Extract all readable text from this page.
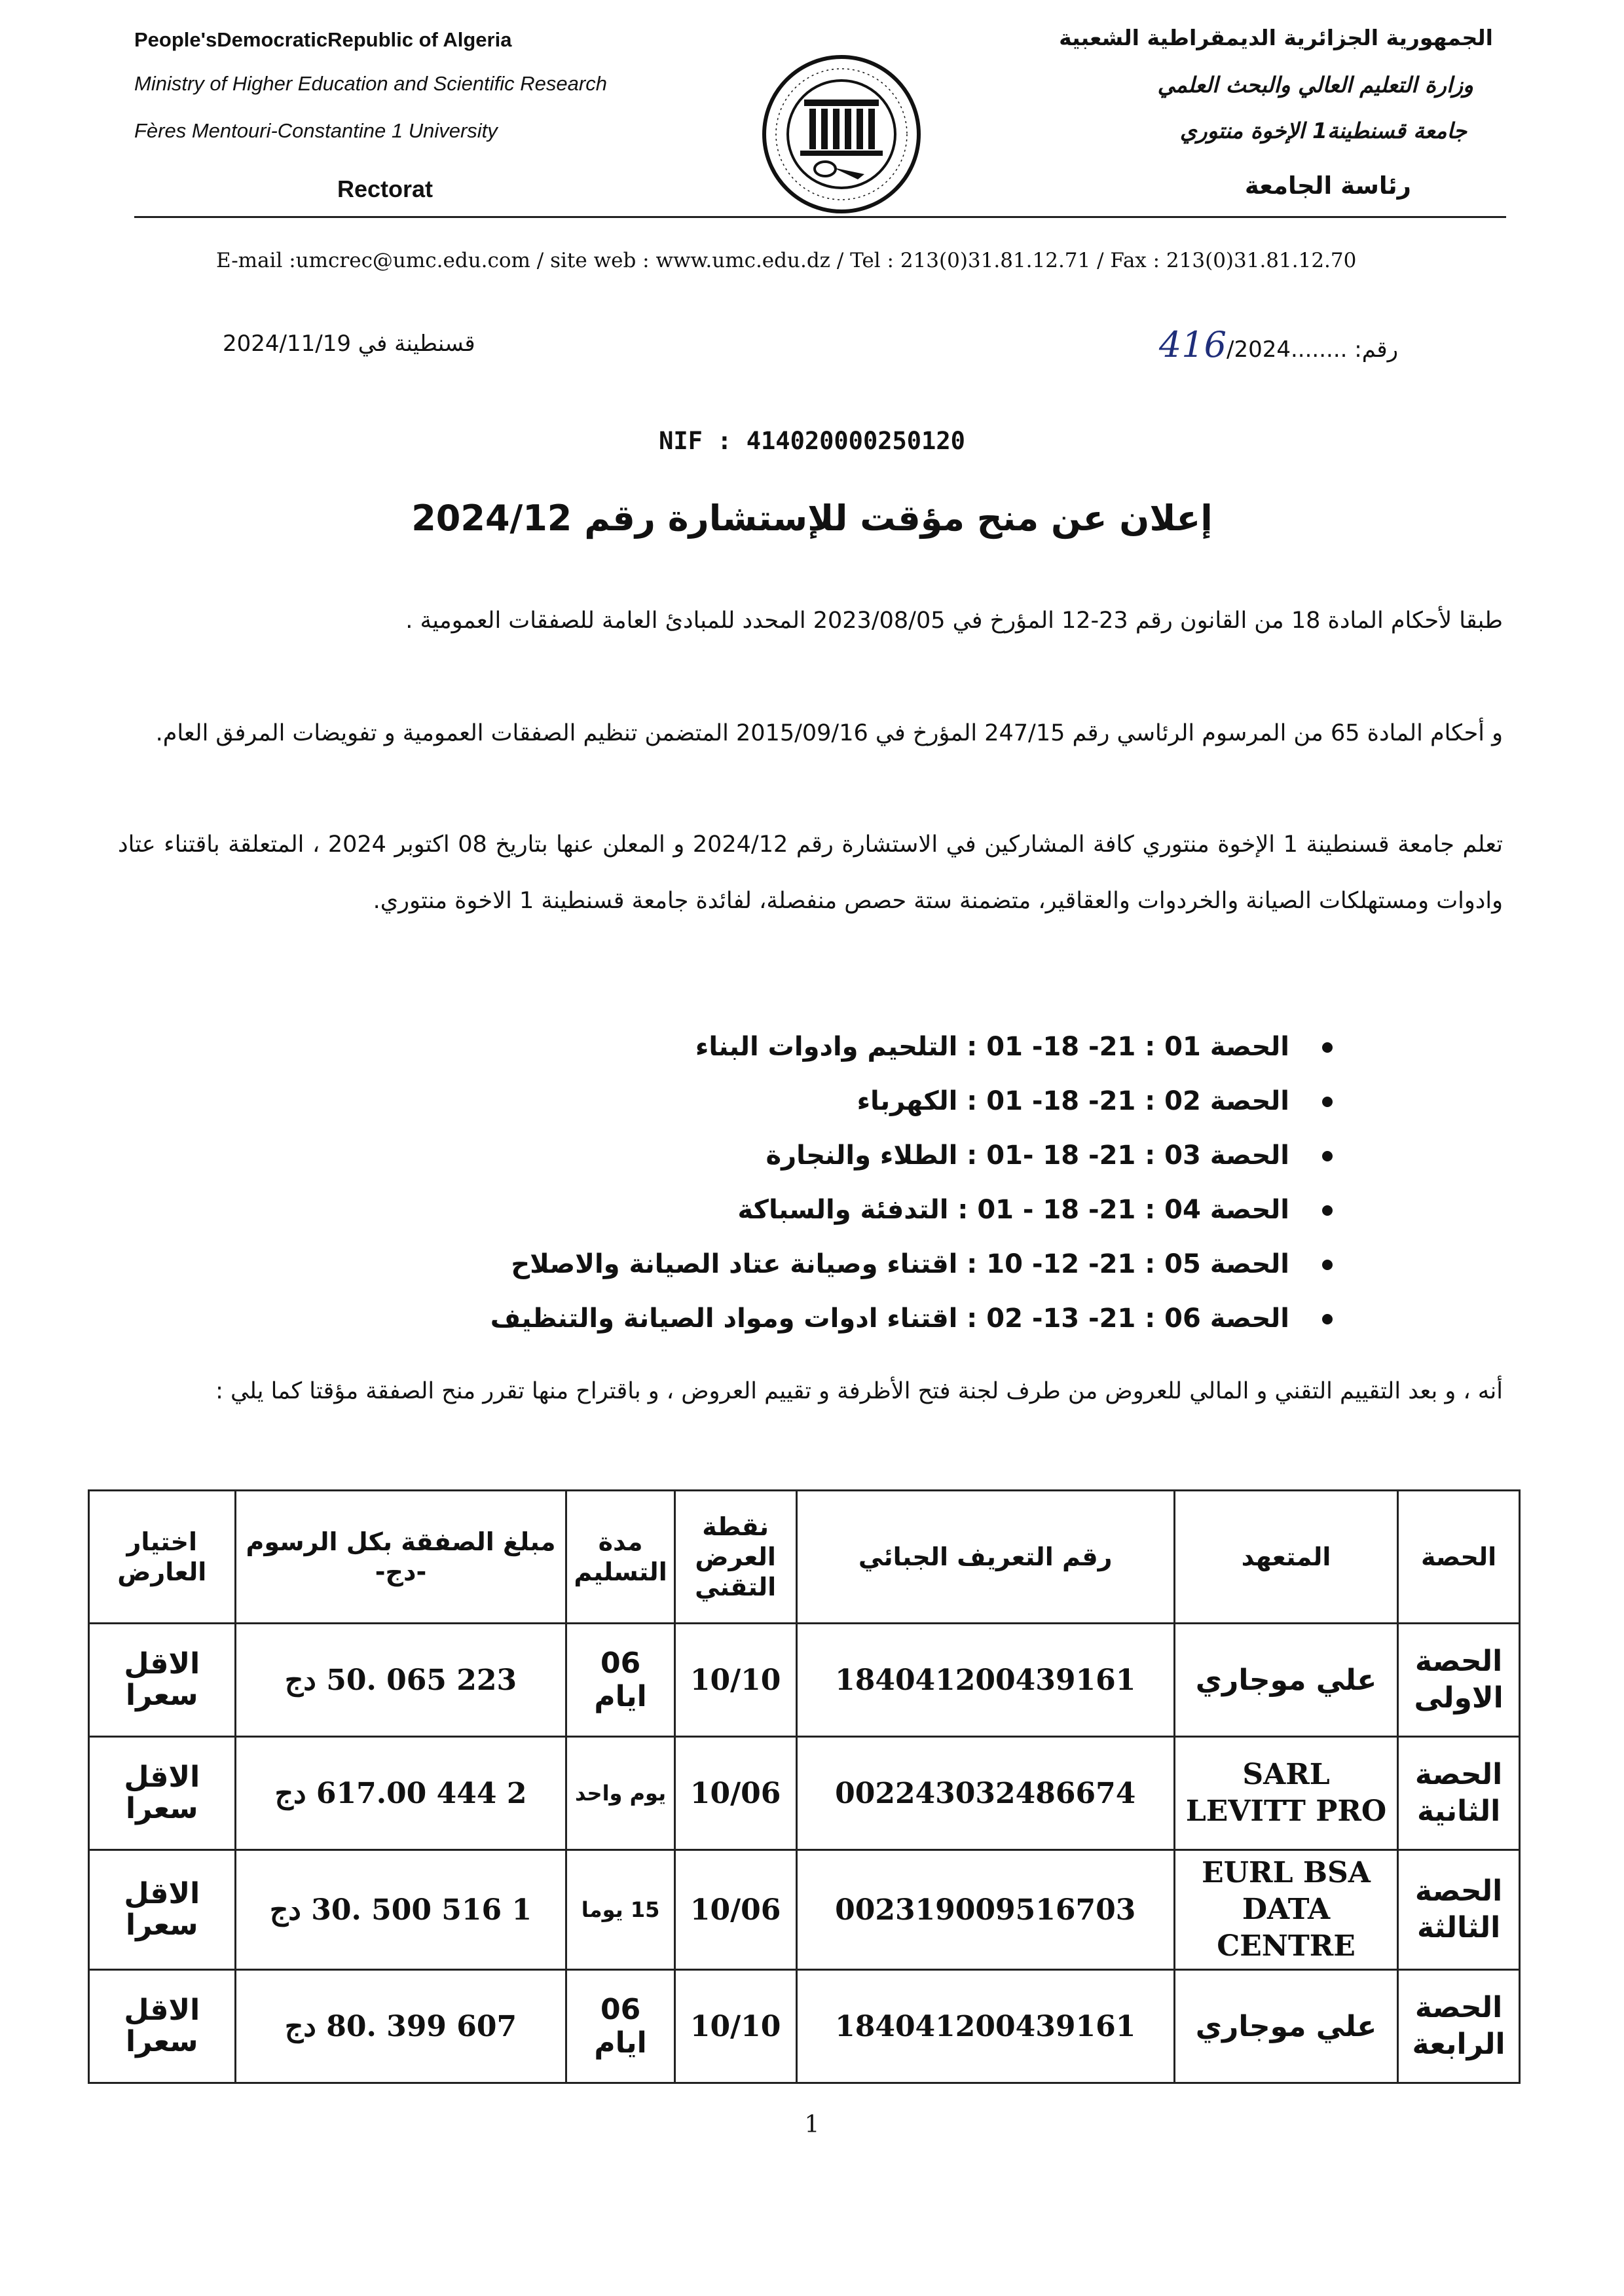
People'sDemocraticRepublic of Algeria
Ministry of Higher Education and Scientific Research
Fères Mentouri-Constantine 1 University
Rectorat
الجمهورية الجزائرية الديمقراطية الشعبية
وزارة التعليم العالي والبحث العلمي
جامعة قسنطينة1 الإخوة منتوري
رئاسة الجامعة
E-mail :umcrec@umc.edu.com / site web : www.umc.edu.dz / Tel : 213(0)31.81.12.71 / Fax : 213(0)31.81.12.70
رقم: ........416/2024
قسنطينة في 2024/11/19
NIF : 414020000250120
إعلان عن منح مؤقت للإستشارة رقم 2024/12
طبقا لأحكام المادة 18 من القانون رقم 23-12 المؤرخ في 2023/08/05 المحدد للمبادئ العامة للصفقات العمومية .
و أحكام المادة 65 من المرسوم الرئاسي رقم 247/15 المؤرخ في 2015/09/16 المتضمن تنظيم الصفقات العمومية و تفويضات المرفق العام.
تعلم جامعة قسنطينة 1 الإخوة منتوري كافة المشاركين في الاستشارة رقم 2024/12 و المعلن عنها بتاريخ 08 اكتوبر 2024 ، المتعلقة باقتناء عتاد وادوات ومستهلكات الصيانة والخردوات والعقاقير، متضمنة ستة حصص منفصلة، لفائدة جامعة قسنطينة 1 الاخوة منتوري.
الحصة 01 : 21- 18- 01 : التلحيم وادوات البناء
الحصة 02 : 21- 18- 01 : الكهرباء
الحصة 03 : 21- 18 -01 : الطلاء والنجارة
الحصة 04 : 21- 18 - 01 : التدفئة والسباكة
الحصة 05 : 21- 12- 10 : اقتناء وصيانة عتاد الصيانة والاصلاح
الحصة 06 : 21- 13- 02 : اقتناء ادوات ومواد الصيانة والتنظيف
أنه ، و بعد التقييم التقني و المالي للعروض من طرف لجنة فتح الأظرفة و تقييم العروض ، و باقتراح منها تقرر منح الصفقة مؤقتا كما يلي :
الحصة	المتعهد	رقم التعريف الجبائي	نقطة العرض التقني	مدة التسليم	مبلغ الصفقة بكل الرسوم -دج-	اختيار العارض
الحصة الاولى	علي موجاري	184041200439161	10/10	06 ايام	223 065 .50 دج	الاقل سعرا
الحصة الثانية	SARL LEVITT PRO	002243032486674	10/06	يوم واحد	2 444 617.00 دج	الاقل سعرا
الحصة الثالثة	EURL BSA DATA CENTRE	002319009516703	10/06	15 يوما	1 516 500 .30 دج	الاقل سعرا
الحصة الرابعة	علي موجاري	184041200439161	10/10	06 ايام	607 399 .80 دج	الاقل سعرا
1
